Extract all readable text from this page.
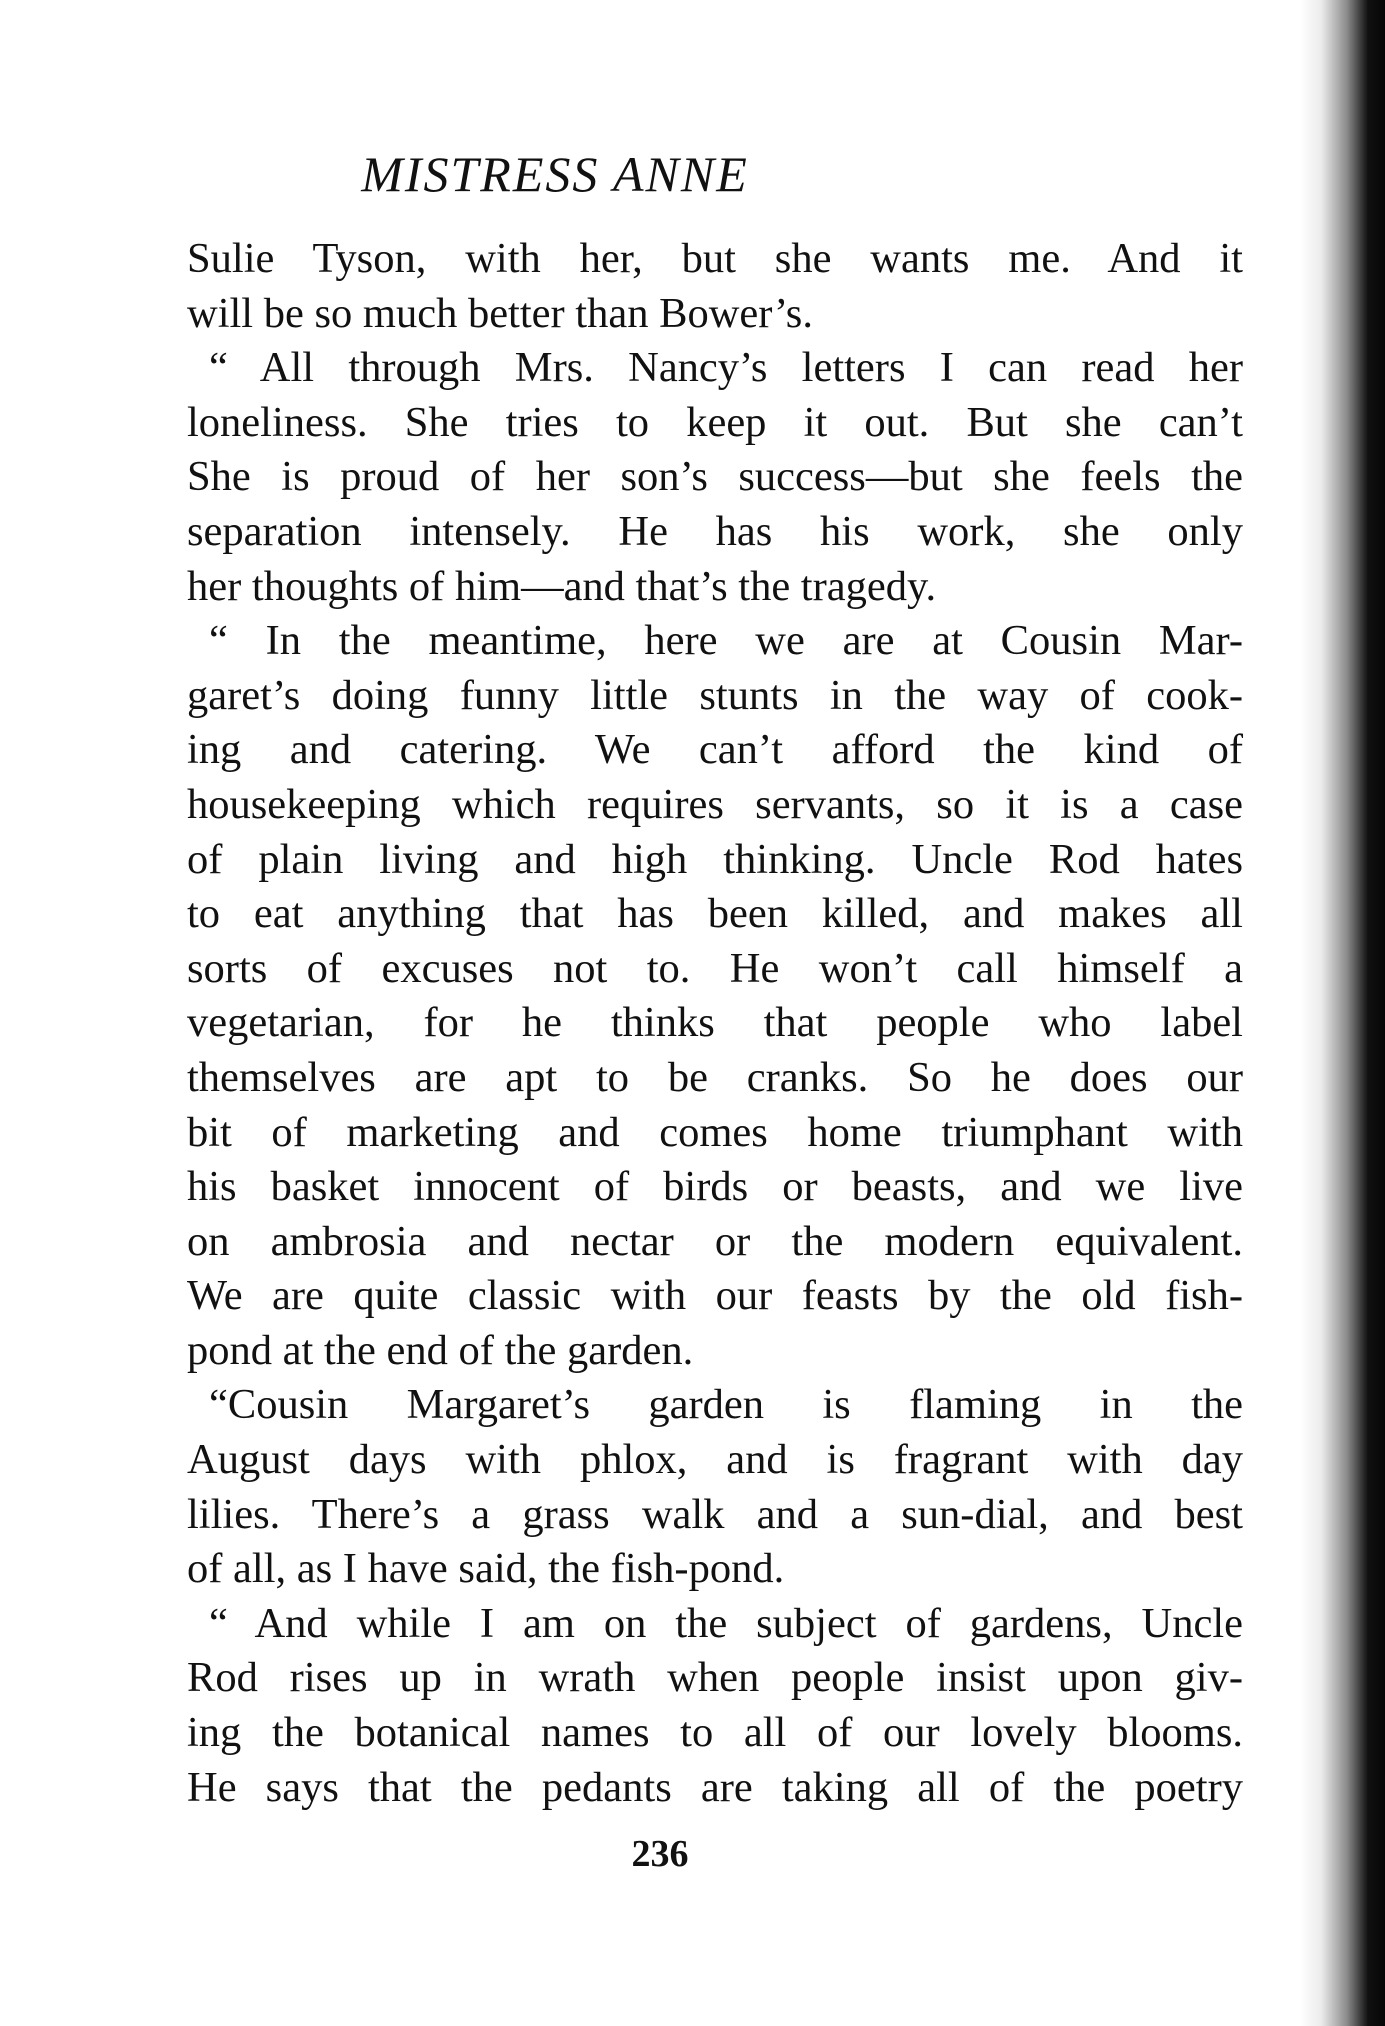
MISTRESS ANNE
Sulie Tyson, with her, but she wants me. And it
will be so much better than Bower’s.
“ All through Mrs. Nancy’s letters I can read her
loneliness. She tries to keep it out. But she can’t
She is proud of her son’s success—but she feels the
separation intensely. He has his work, she only
her thoughts of him—and that’s the tragedy.
“ In the meantime, here we are at Cousin Mar-
garet’s doing funny little stunts in the way of cook-
ing and catering. We can’t afford the kind of
housekeeping which requires servants, so it is a case
of plain living and high thinking. Uncle Rod hates
to eat anything that has been killed, and makes all
sorts of excuses not to. He won’t call himself a
vegetarian, for he thinks that people who label
themselves are apt to be cranks. So he does our
bit of marketing and comes home triumphant with
his basket innocent of birds or beasts, and we live
on ambrosia and nectar or the modern equivalent.
We are quite classic with our feasts by the old fish-
pond at the end of the garden.
“Cousin Margaret’s garden is flaming in the
August days with phlox, and is fragrant with day
lilies. There’s a grass walk and a sun-dial, and best
of all, as I have said, the fish-pond.
“ And while I am on the subject of gardens, Uncle
Rod rises up in wrath when people insist upon giv-
ing the botanical names to all of our lovely blooms.
He says that the pedants are taking all of the poetry
236
